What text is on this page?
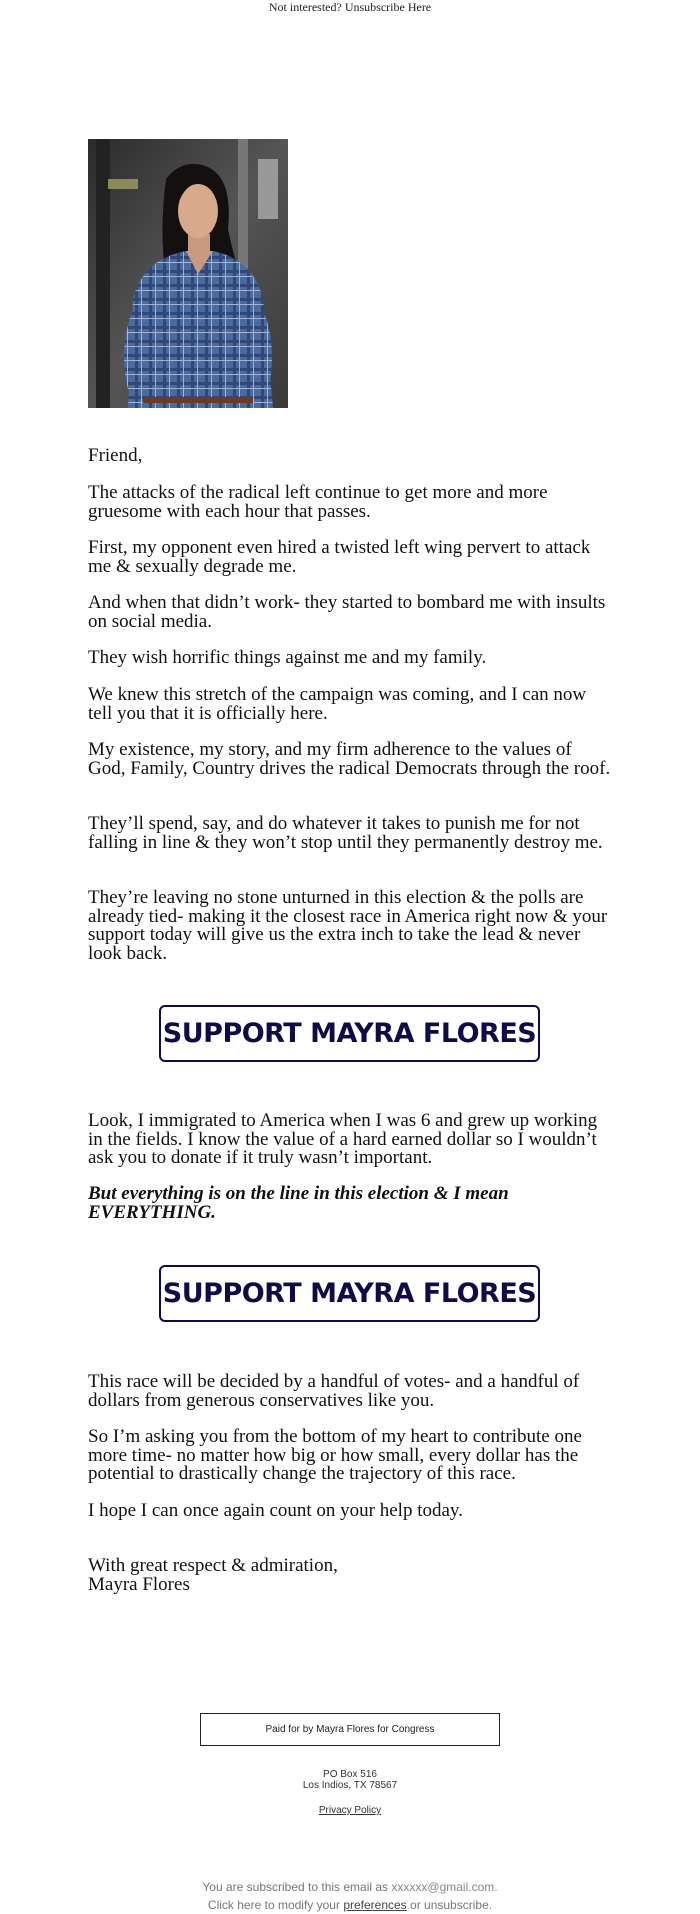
Not interested? Unsubscribe Here

Friend,

The attacks of the radical left continue to get more and more gruesome with each hour that passes.

First, my opponent even hired a twisted left wing pervert to attack me & sexually degrade me.

And when that didn’t work- they started to bombard me with insults on social media.

They wish horrific things against me and my family.

We knew this stretch of the campaign was coming, and I can now tell you that it is officially here.

My existence, my story, and my firm adherence to the values of God, Family, Country drives the radical Democrats through the roof.

They’ll spend, say, and do whatever it takes to punish me for not falling in line & they won’t stop until they permanently destroy me.

They’re leaving no stone unturned in this election & the polls are already tied- making it the closest race in America right now & your support today will give us the extra inch to take the lead & never look back.

SUPPORT MAYRA FLORES

Look, I immigrated to America when I was 6 and grew up working in the fields. I know the value of a hard earned dollar so I wouldn’t ask you to donate if it truly wasn’t important.

But everything is on the line in this election & I mean EVERYTHING.

SUPPORT MAYRA FLORES

This race will be decided by a handful of votes- and a handful of dollars from generous conservatives like you.

So I’m asking you from the bottom of my heart to contribute one more time- no matter how big or how small, every dollar has the potential to drastically change the trajectory of this race.

I hope I can once again count on your help today.

With great respect & admiration,

Mayra Flores

Paid for by Mayra Flores for Congress
PO Box 516
Los Indios, TX 78567
Privacy Policy
You are subscribed to this email as xxxxxx@gmail.com.
Click here to modify your preferences or unsubscribe.
